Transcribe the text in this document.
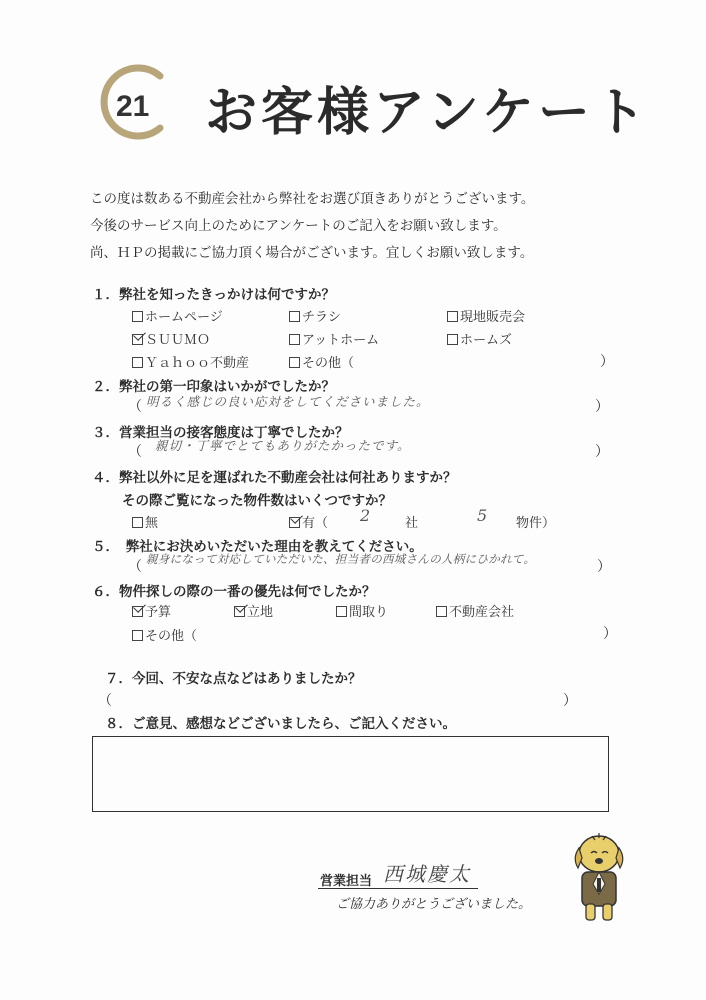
21 お客様アンケート
この度は数ある不動産会社から弊社をお選び頂きありがとうございます。
今後のサービス向上のためにアンケートのご記入をお願い致します。
尚、ＨＰの掲載にご協力頂く場合がございます。宜しくお願い致します。
１．弊社を知ったきっかけは何ですか？
ホームページ	チラシ	現地販売会
ＳＵＵＭＯ	アットホーム	ホームズ
Ｙａｈｏｏ不動産	その他（	）
２．弊社の第一印象はいかがでしたか？
（ 明るく感じの良い応対をしてくださいました。	）
３．営業担当の接客態度は丁寧でしたか？
（ 親切・丁寧でとてもありがたかったです。	）
４．弊社以外に足を運ばれた不動産会社は何社ありますか？
その際ご覧になった物件数はいくつですか？
無	有（ 2	社	5 物件）
５．　弊社にお決めいただいた理由を教えてください。
（ 親身になって対応していただいた、担当者の西城さんの人柄にひかれて。	）
６．物件探しの際の一番の優先は何でしたか？
予算	立地	間取り	不動産会社
その他（	）
７．今回、不安な点などはありましたか？
（	）
８．ご意見、感想などございましたら、ご記入ください。
営業担当 西城慶太
ご協力ありがとうございました。
